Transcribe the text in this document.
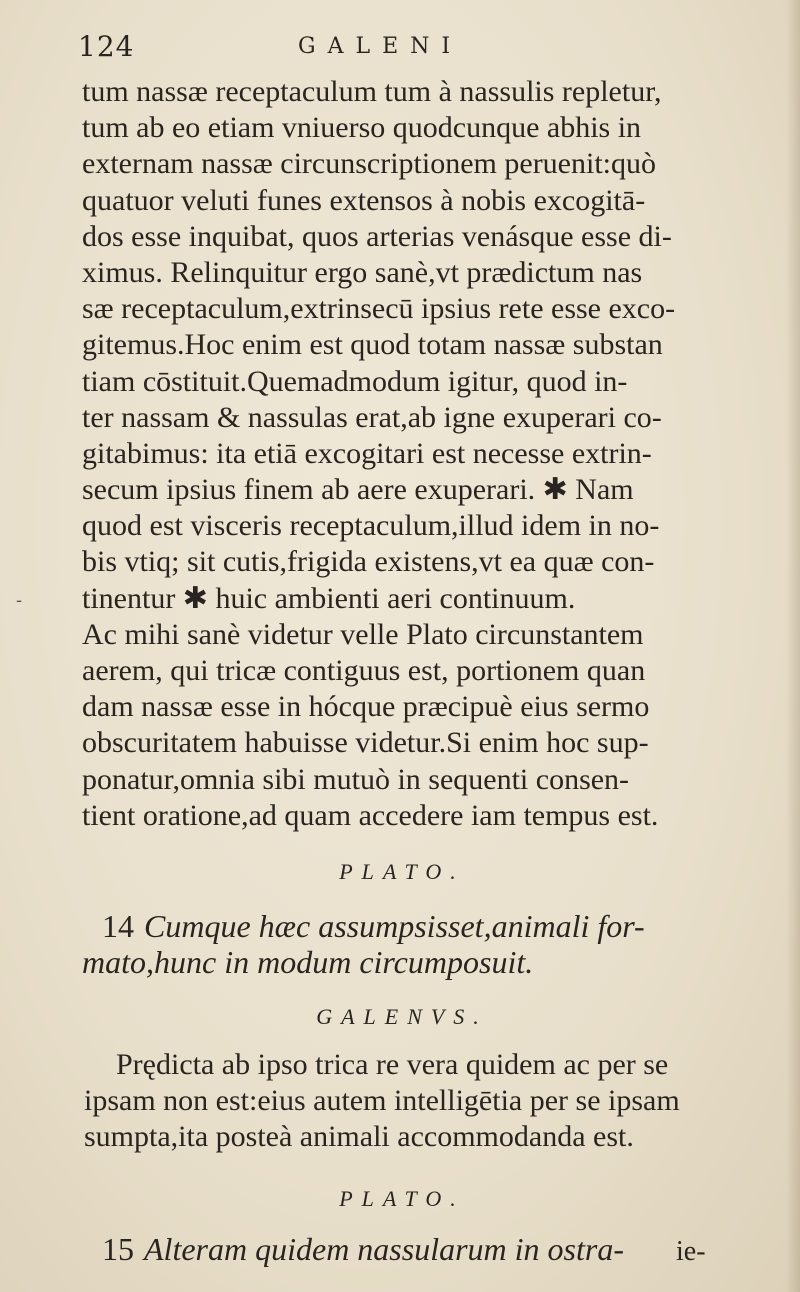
124	GALENI
-
tum nassæ receptaculum tum à nassulis repletur,
tum ab eo etiam vniuerso quodcunque abhis in
externam nassæ circunscriptionem peruenit:quò
quatuor veluti funes extensos à nobis excogitā-
dos esse inquibat, quos arterias venásque esse di-
ximus. Relinquitur ergo sanè,vt prædictum nas
sæ receptaculum,extrinsecū ipsius rete esse exco-
gitemus.Hoc enim est quod totam nassæ substan
tiam cōstituit.Quemadmodum igitur, quod in-
ter nassam & nassulas erat,ab igne exuperari co-
gitabimus: ita etiā excogitari est necesse extrin-
secum ipsius finem ab aere exuperari. ✱ Nam
quod est visceris receptaculum,illud idem in no-
bis vtiq; sit cutis,frigida existens,vt ea quæ con-
tinentur ✱ huic ambienti aeri continuum.
Ac mihi sanè videtur velle Plato circunstantem
aerem, qui tricæ contiguus est, portionem quan
dam nassæ esse in hócque præcipuè eius sermo
obscuritatem habuisse videtur.Si enim hoc sup-
ponatur,omnia sibi mutuò in sequenti consen-
tient oratione,ad quam accedere iam tempus est.
PLATO.
14 Cumque hæc assumpsisset,animali for-
mato,hunc in modum circumposuit.
GALENVS.
Prędicta ab ipso trica re vera quidem ac per se
ipsam non est:eius autem intelligētia per se ipsam
sumpta,ita posteà animali accommodanda est.
PLATO.
15 Alteram quidem nassularum in ostra-	ie-
